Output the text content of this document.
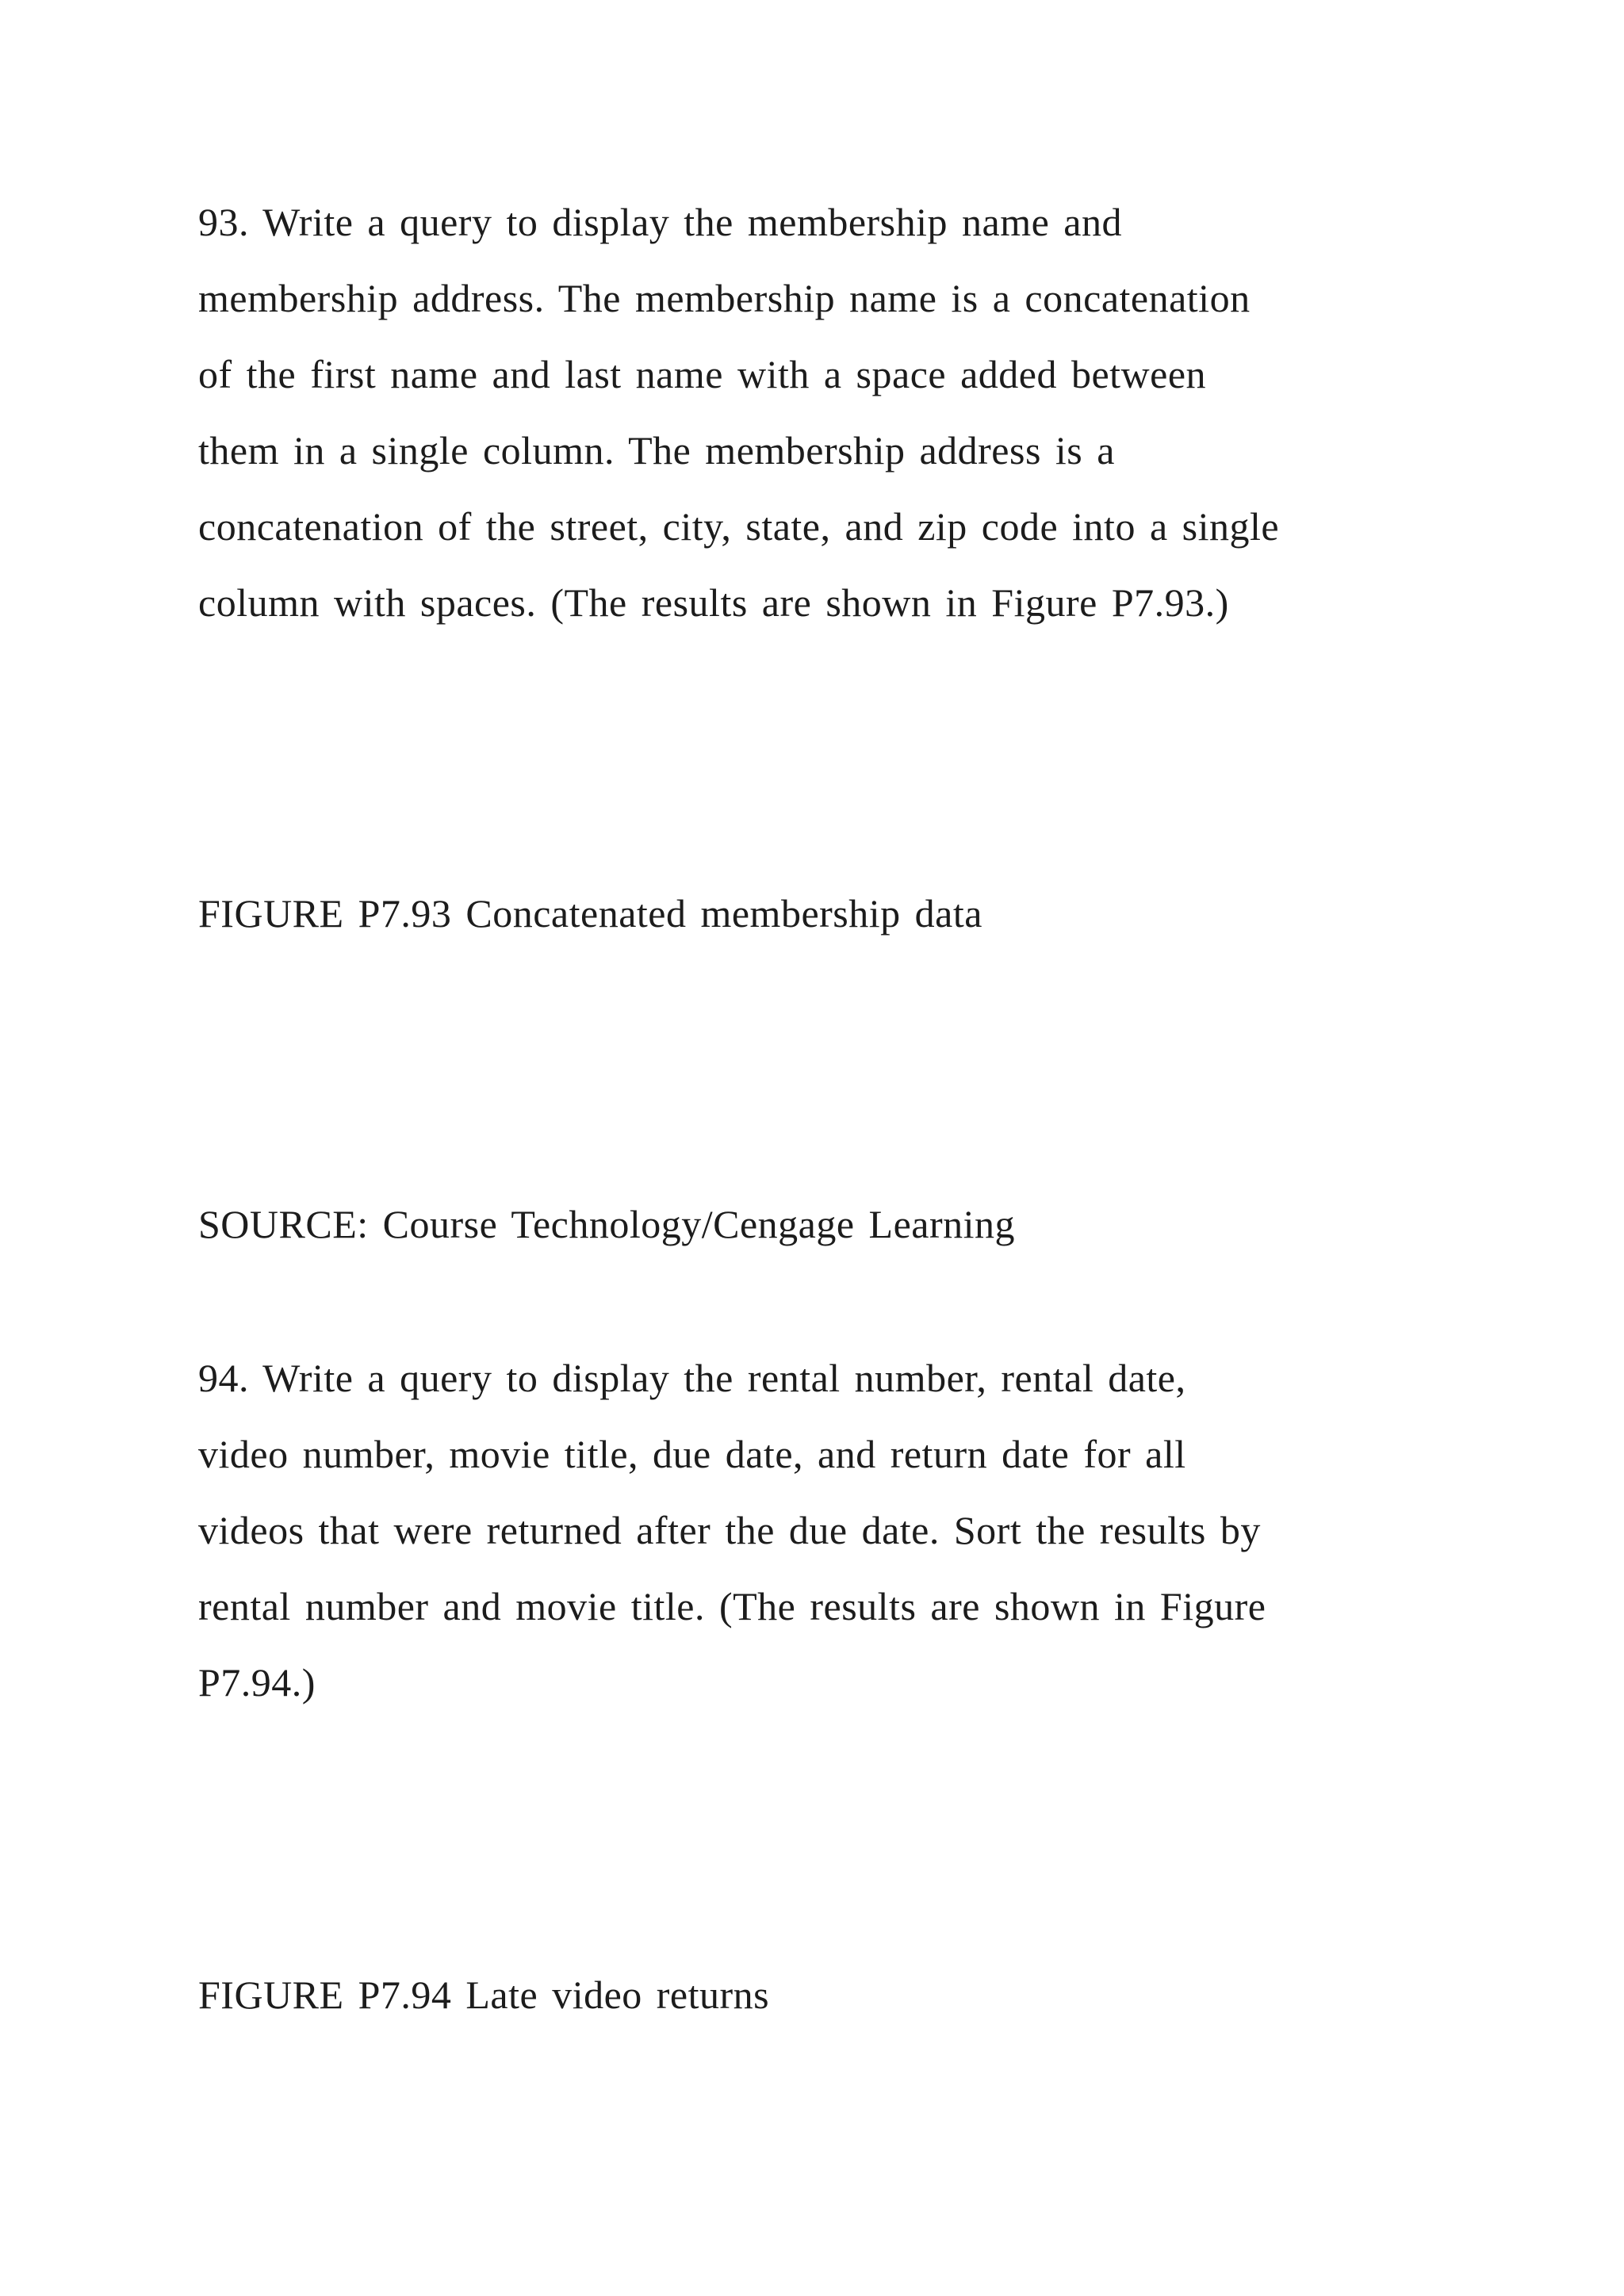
93. Write a query to display the membership name and
membership address. The membership name is a concatenation
of the first name and last name with a space added between
them in a single column. The membership address is a
concatenation of the street, city, state, and zip code into a single
column with spaces. (The results are shown in Figure P7.93.)
FIGURE P7.93 Concatenated membership data
SOURCE: Course Technology/Cengage Learning
94. Write a query to display the rental number, rental date,
video number, movie title, due date, and return date for all
videos that were returned after the due date. Sort the results by
rental number and movie title. (The results are shown in Figure
P7.94.)
FIGURE P7.94 Late video returns
